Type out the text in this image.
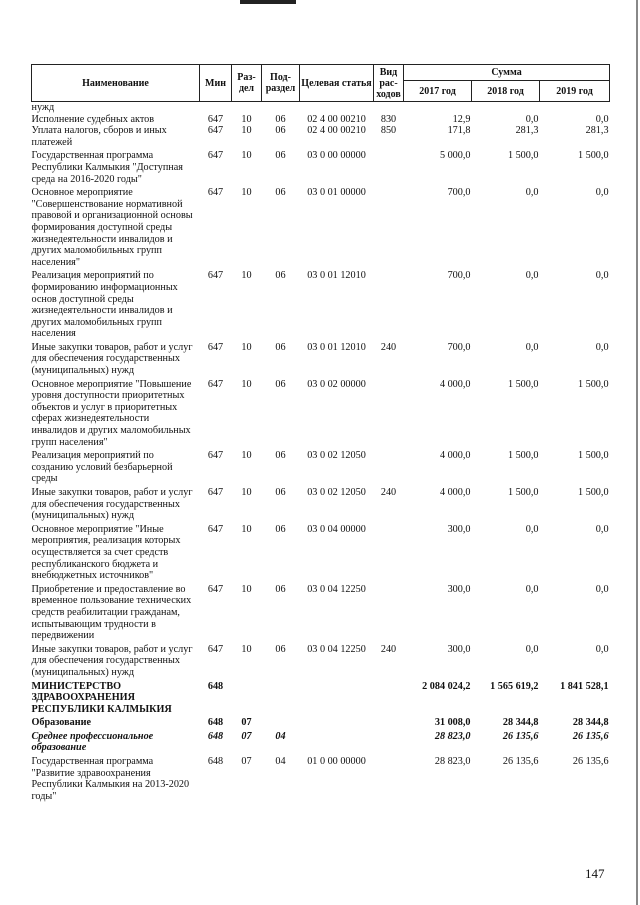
Наименование	Мин	Раз- дел	Под- раздел	Целевая статья	Вид рас- ходов	Сумма		
						2017 год	2018 год	2019 год
нужд								
Исполнение судебных актов	647	10	06	02 4 00 00210	830	12,9	0,0	0,0
Уплата налогов, сборов и иных платежей	647	10	06	02 4 00 00210	850	171,8	281,3	281,3
Государственная программа Республики Калмыкия "Доступная среда на 2016-2020 годы"	647	10	06	03 0 00 00000		5 000,0	1 500,0	1 500,0
Основное мероприятие "Совершенствование нормативной правовой и организационной основы формирования доступной среды жизнедеятельности инвалидов и других маломобильных групп населения"	647	10	06	03 0 01 00000		700,0	0,0	0,0
Реализация мероприятий по формированию информационных основ доступной среды жизнедеятельности инвалидов и других маломобильных групп населения	647	10	06	03 0 01 12010		700,0	0,0	0,0
Иные закупки товаров, работ и услуг для обеспечения государственных (муниципальных) нужд	647	10	06	03 0 01 12010	240	700,0	0,0	0,0
Основное мероприятие "Повышение уровня доступности приоритетных объектов и услуг в приоритетных сферах жизнедеятельности инвалидов и других маломобильных групп населения"	647	10	06	03 0 02 00000		4 000,0	1 500,0	1 500,0
Реализация мероприятий по созданию условий безбарьерной среды	647	10	06	03 0 02 12050		4 000,0	1 500,0	1 500,0
Иные закупки товаров, работ и услуг для обеспечения государственных (муниципальных) нужд	647	10	06	03 0 02 12050	240	4 000,0	1 500,0	1 500,0
Основное мероприятие "Иные мероприятия, реализация которых осуществляется за счет средств республиканского бюджета и внебюджетных источников"	647	10	06	03 0 04 00000		300,0	0,0	0,0
Приобретение и предоставление во временное пользование технических средств реабилитации гражданам, испытывающим трудности в передвижении	647	10	06	03 0 04 12250		300,0	0,0	0,0
Иные закупки товаров, работ и услуг для обеспечения государственных (муниципальных) нужд	647	10	06	03 0 04 12250	240	300,0	0,0	0,0
МИНИСТЕРСТВО ЗДРАВООХРАНЕНИЯ РЕСПУБЛИКИ КАЛМЫКИЯ	648					2 084 024,2	1 565 619,2	1 841 528,1
Образование	648	07				31 008,0	28 344,8	28 344,8
Среднее профессиональное образование	648	07	04			28 823,0	26 135,6	26 135,6
Государственная программа "Развитие здравоохранения Республики Калмыкия на 2013-2020 годы"	648	07	04	01 0 00 00000		28 823,0	26 135,6	26 135,6
147
